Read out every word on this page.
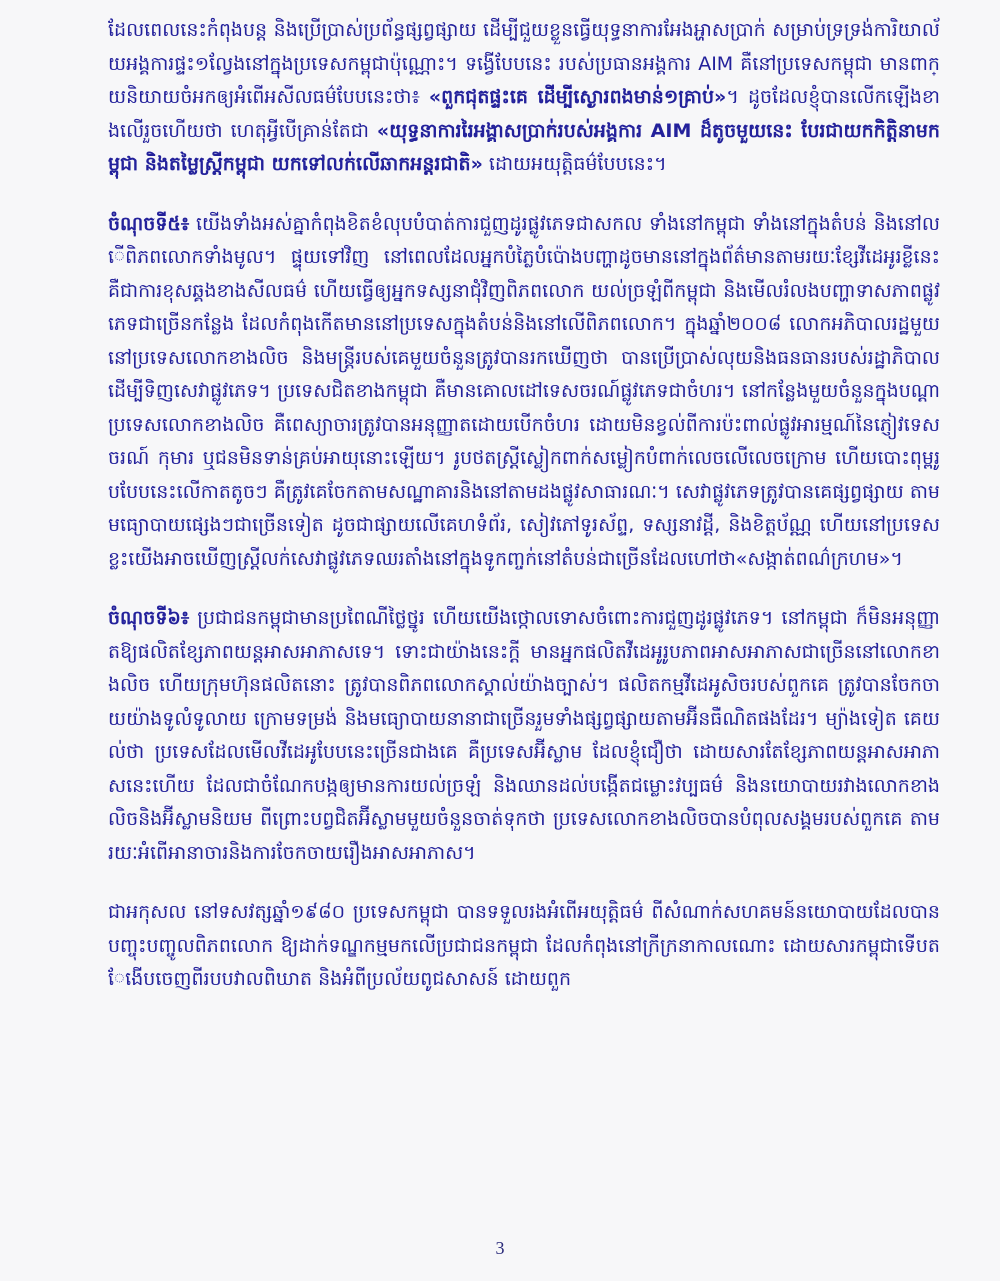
ដែលពេលនេះកំពុងបន្ត និងប្រើប្រាស់ប្រព័ន្ធផ្សព្វផ្សាយ ដើម្បីជួយខ្លួនធ្វើយុទ្ធនាការអែងអ្ហាស​ប្រាក់ សម្រាប់ទ្រទ្រង់ការិយាល័យអង្គការផ្ទះ១ល្វែងនៅក្នុងប្រទេសកម្ពុជាប៉ុណ្ណោះ។ ទង្វើបែបនេះ របស់ប្រធានអង្គការ AIM គឺនៅប្រទេសកម្ពុជា មានពាក្យនិយាយចំអកឲ្យអំពើអសីលធម៌បែបនេះថា៖ «ពួកជុតផ្ទះគេ ដើម្បីស្ងោរពងមាន់១គ្រាប់»។ ដូចដែលខ្ញុំបានលើកឡើងខាងលើរួចហើយថា ហេតុអ្វីបើគ្រាន់តែជា «យុទ្ធនាការរៃអង្គាសប្រាក់របស់អង្គការ AIM ដ៏តូចមួយនេះ បែរជាយកកិត្តិនាមកម្ពុជា និងតម្លៃស្ត្រីកម្ពុជា យកទៅលក់លើឆាកអន្តរជាតិ» ដោយអយុត្តិធម៌បែបនេះ។

ចំណុចទី៥៖ យើងទាំងអស់គ្នាកំពុងខិតខំលុបបំបាត់ការជួញដូរផ្លូវភេទជាសកល ទាំងនៅកម្ពុជា ទាំងនៅក្នុងតំបន់ និងនៅលើពិភពលោកទាំងមូល។ ផ្ទុយទៅវិញ នៅពេលដែលអ្នកបំភ្លៃបំប៉ោងបញ្ហាដូចមាននៅក្នុងព័ត៌មានតាមរយៈខ្សែវីដេអូរខ្លីនេះ គឺជាការខុសឆ្គងខាងសីលធម៌ ហើយធ្វើឲ្យអ្នកទស្សនាជុំវិញពិភពលោក យល់ច្រឡំពីកម្ពុជា និងមើលរំលងបញ្ហាទាសភាពផ្លូវភេទជាច្រើនកន្លែង ដែលកំពុងកើតមាននៅប្រទេសក្នុងតំបន់និងនៅលើពិភពលោក។ ក្នុងឆ្នាំ២០០៨ លោកអភិបាលរដ្ឋមួយ នៅប្រទេសលោកខាងលិច និងមន្ត្រីរបស់គេមួយចំនួនត្រូវបានរកឃើញថា បានប្រើប្រាស់លុយនិងធនធានរបស់រដ្ឋាភិបាល ដើម្បីទិញសេវាផ្លូវភេទ។ ប្រទេសជិតខាងកម្ពុជា គឺមានគោលដៅទេសចរណ៍ផ្លូវភេទជាចំហរ។ នៅកន្លែងមួយចំនួនក្នុងបណ្តាប្រទេសលោកខាងលិច គឺពេស្យាចារត្រូវបានអនុញ្ញាតដោយបើកចំហរ ដោយមិនខ្វល់ពីការប៉ះពាល់ផ្លូវអារម្មណ៍នៃភ្ញៀវទេសចរណ៍ កុមារ ឬជនមិនទាន់គ្រប់អាយុនោះឡើយ។ រូបថតស្ត្រីស្លៀកពាក់សម្លៀកបំពាក់លេចលើលេចក្រោម ហើយបោះពុម្ពរូបបែបនេះលើកាតតូចៗ គឺត្រូវគេចែកតាមសណ្ឋាគារនិងនៅតាមដងផ្លូវសាធារណៈ។ សេវាផ្លូវភេទត្រូវបានគេផ្សព្វផ្សាយ តាមមធ្យោបាយផ្សេងៗជាច្រើនទៀត ដូចជាផ្សាយលើគេហទំព័រ, សៀវភៅទូរស័ព្ទ, ទស្សនាវដ្តី, និងខិត្តប័ណ្ណ ហើយនៅប្រទេសខ្លះយើងអាចឃើញស្ត្រីលក់សេវាផ្លូវភេទឈរតាំងនៅក្នុងទូកញ្ចក់នៅតំបន់ជាច្រើនដែលហៅថា«សង្កាត់ពណ៌ក្រហម»។

ចំណុចទី៦៖ ប្រជាជនកម្ពុជាមានប្រពៃណីថ្លៃថ្នូរ ហើយយើងថ្កោលទោសចំពោះការជួញដូរផ្លូវភេទ។ នៅកម្ពុជា ក៏មិនអនុញ្ញាតឱ្យផលិតខ្សែភាពយន្តអាសអាភាសទេ។ ទោះជាយ៉ាងនេះក្តី មានអ្នកផលិតវីដេអូរូបភាពអាសអាភាសជាច្រើននៅលោកខាងលិច ហើយក្រុមហ៊ុនផលិតនោះ ត្រូវបានពិភពលោកស្គាល់យ៉ាងច្បាស់។ ផលិតកម្មវីដេអូសិចរបស់ពួកគេ ត្រូវបានចែកចាយយ៉ាងទូលំទូលាយ ក្រោមទម្រង់ និងមធ្យោបាយនានាជាច្រើនរួមទាំងផ្សព្វផ្សាយតាមអ៊ីនធឺណិតផងដែរ។ ម្យ៉ាងទៀត គេយល់ថា ប្រទេសដែលមើលវីដេអូបែបនេះច្រើនជាងគេ គឺប្រទេសអ៊ីស្លាម ដែលខ្ញុំជឿថា ដោយសារតែខ្សែភាពយន្តអាសអាភាសនេះហើយ ដែលជាចំណែកបង្កឲ្យមានការយល់ច្រឡំ និងឈានដល់បង្កើតជម្លោះវប្បធម៌ និងនយោបាយរវាងលោកខាងលិចនិងអ៊ីស្លាមនិយម ពីព្រោះបព្វជិតអ៊ីស្លាមមួយចំនួនចាត់ទុកថា ប្រទេសលោកខាងលិចបានបំពុលសង្គមរបស់ពួកគេ តាមរយៈអំពើអានាចារនិងការចែកចាយរឿងអាសអាភាស។

ជាអកុសល នៅទសវត្សឆ្នាំ១៩៨០ ប្រទេសកម្ពុជា បានទទួលរងអំពើអយុត្តិធម៌ ពីសំណាក់សហគមន៍នយោបាយដែលបានបញ្ចុះបញ្ចូលពិភពលោក ឱ្យដាក់ទណ្ឌកម្មមកលើប្រជាជនកម្ពុជា ដែលកំពុងនៅក្រីក្រនាកាលណោះ ដោយសារកម្ពុជាទើបតែងើបចេញពីរបបវាលពិឃាត និងអំពីប្រល័យពូជសាសន៍ ដោយពួក

3
